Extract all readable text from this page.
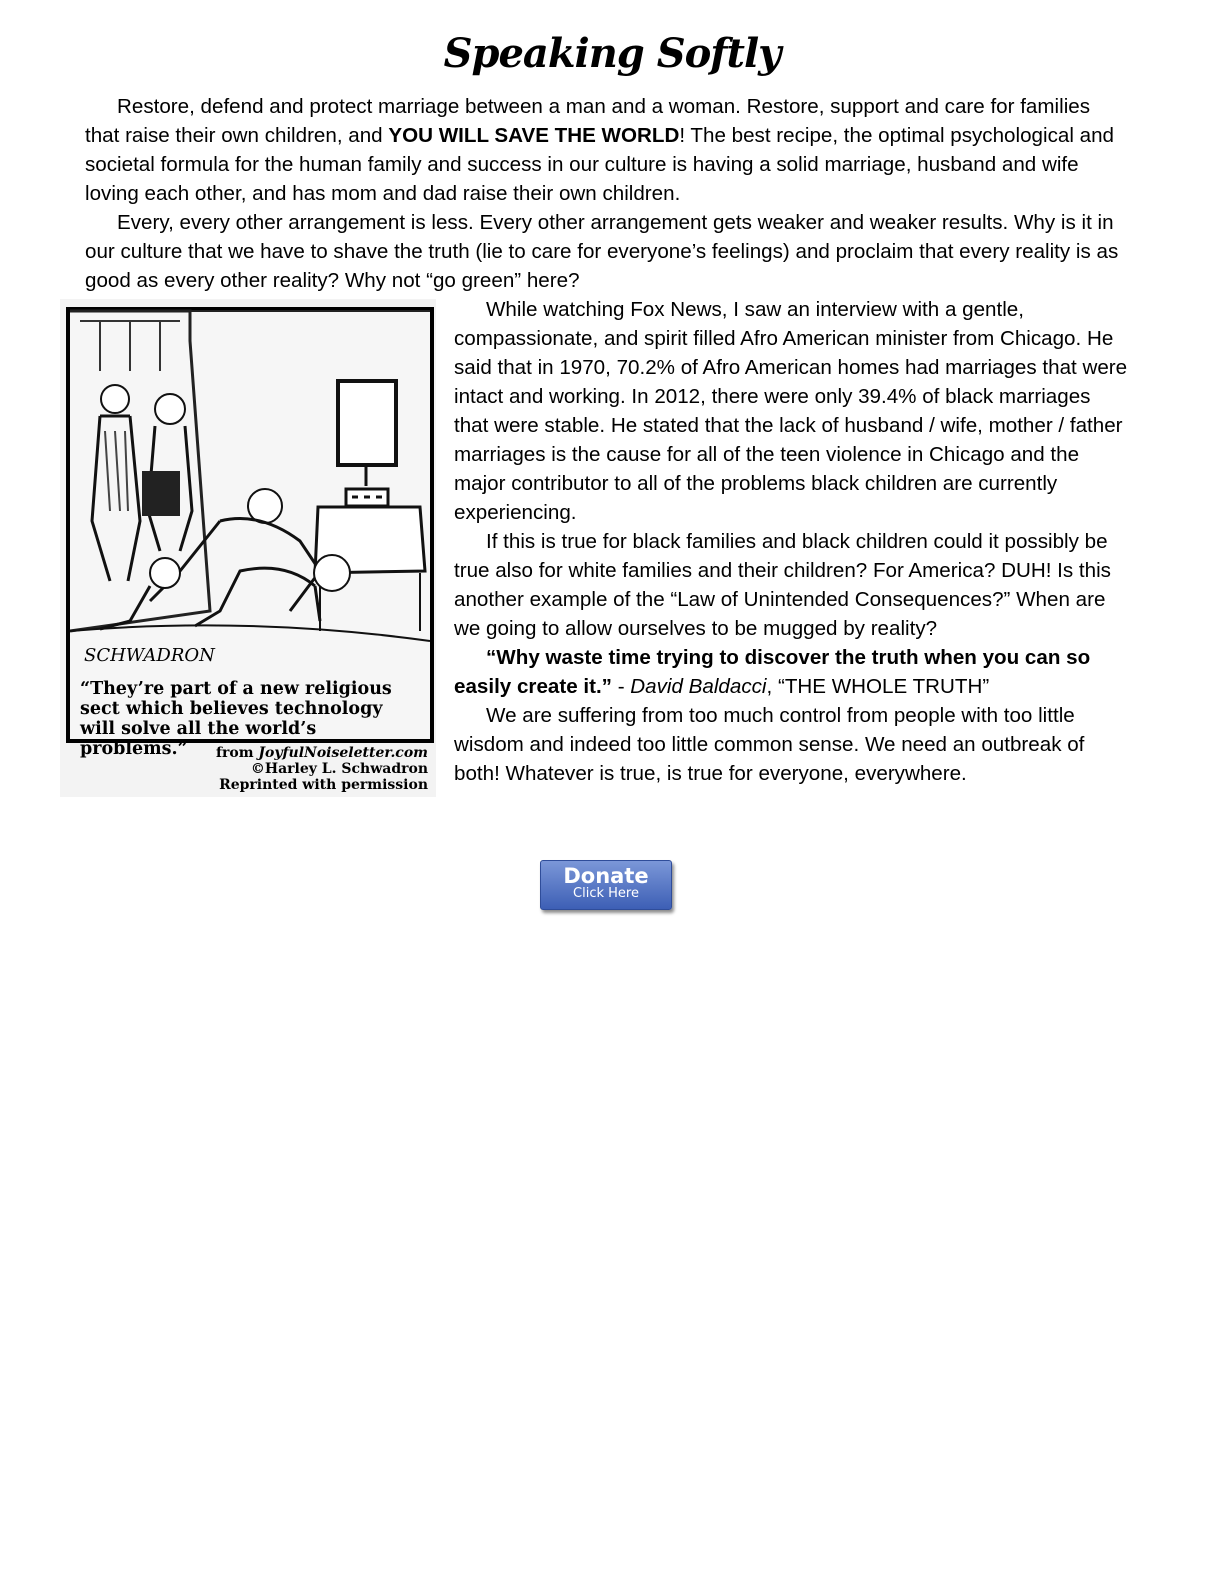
Speaking Softly

Restore, defend and protect marriage between a man and a woman. Restore, support and care for families that raise their own children, and YOU WILL SAVE THE WORLD! The best recipe, the optimal psychological and societal formula for the human family and success in our culture is having a solid marriage, husband and wife loving each other, and has mom and dad raise their own children.

Every, every other arrangement is less. Every other arrangement gets weaker and weaker results. Why is it in our culture that we have to shave the truth (lie to care for everyone’s feelings) and proclaim that every reality is as good as every other reality? Why not “go green” here?

SCHWADRON
“They’re part of a new religious sect which believes technology will solve all the world’s problems.”	from JoyfulNoiseletter.com
©Harley L. Schwadron
Reprinted with permission

While watching Fox News, I saw an interview with a gentle, compassionate, and spirit filled Afro American minister from Chicago. He said that in 1970, 70.2% of Afro American homes had marriages that were intact and working. In 2012, there were only 39.4% of black marriages that were stable. He stated that the lack of husband / wife, mother / father marriages is the cause for all of the teen violence in Chicago and the major contributor to all of the problems black children are currently experiencing.

If this is true for black families and black children could it possibly be true also for white families and their children? For America? DUH! Is this another example of the “Law of Unintended Consequences?” When are we going to allow ourselves to be mugged by reality?

“Why waste time trying to discover the truth when you can so easily create it.” - David Baldacci, “THE WHOLE TRUTH”

We are suffering from too much control from people with too little wisdom and indeed too little common sense. We need an outbreak of both! Whatever is true, is true for everyone, everywhere.

Donate
Click Here
